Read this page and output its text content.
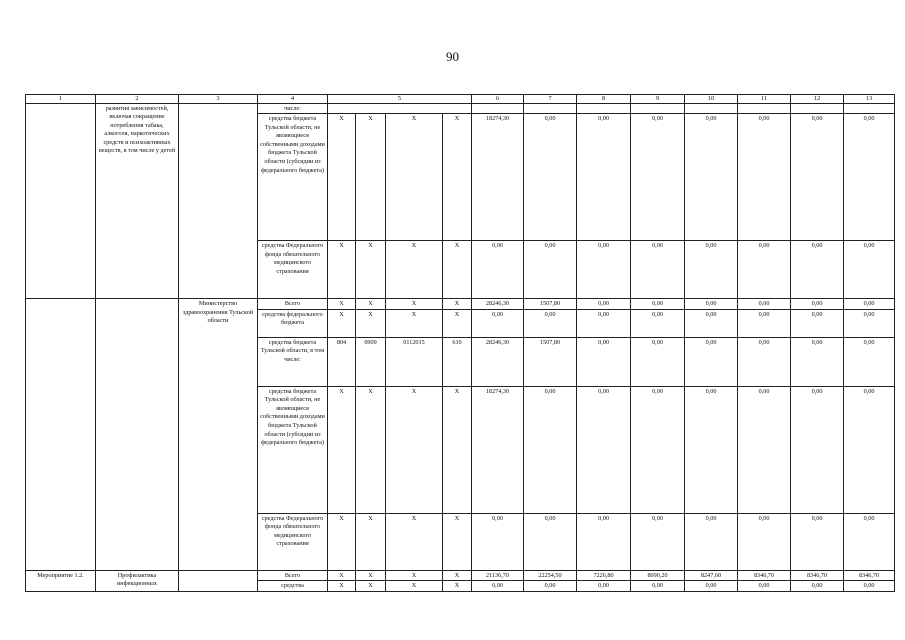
90
1	2	3	4	5				6	7	8	9	10	11	12	13
	развития зависимостей, включая сокращение потребления табака, алкоголя, наркотических средств и психоактивных веществ, в том числе у детей		числе:												
			средства бюджета Тульской области, не являющиеся собственными доходами бюджета Тульской области (субсидии из федерального бюджета)	X	X	X	X	18274,30	0,00	0,00	0,00	0,00	0,00	0,00	0,00
			средства Федерального фонда обязательного медицинского страхования	X	X	X	X	0,00	0,00	0,00	0,00	0,00	0,00	0,00	0,00
		Министерство здравоохранения Тульской области	Всего	X	X	X	X	28246,30	1507,80	0,00	0,00	0,00	0,00	0,00	0,00
			средства федерального бюджета	X	X	X	X	0,00	0,00	0,00	0,00	0,00	0,00	0,00	0,00
			средства бюджета Тульской области, в том числе:	804	0909	0112015	610	28246,30	1507,80	0,00	0,00	0,00	0,00	0,00	0,00
			средства бюджета Тульской области, не являющиеся собственными доходами бюджета Тульской области (субсидии из федерального бюджета)	X	X	X	X	18274,30	0,00	0,00	0,00	0,00	0,00	0,00	0,00
			средства Федерального фонда обязательного медицинского страхования	X	X	X	X	0,00	0,00	0,00	0,00	0,00	0,00	0,00	0,00
Мероприятие 1.2.	Профилактика инфекционных		Всего	X	X	X	X	21136,70	22254,50	7226,80	8090,20	8247,60	8346,70	8346,70	8346,70
			средства	X	X	X	X	0,00	0,00	0,00	0,00	0,00	0,00	0,00	0,00
